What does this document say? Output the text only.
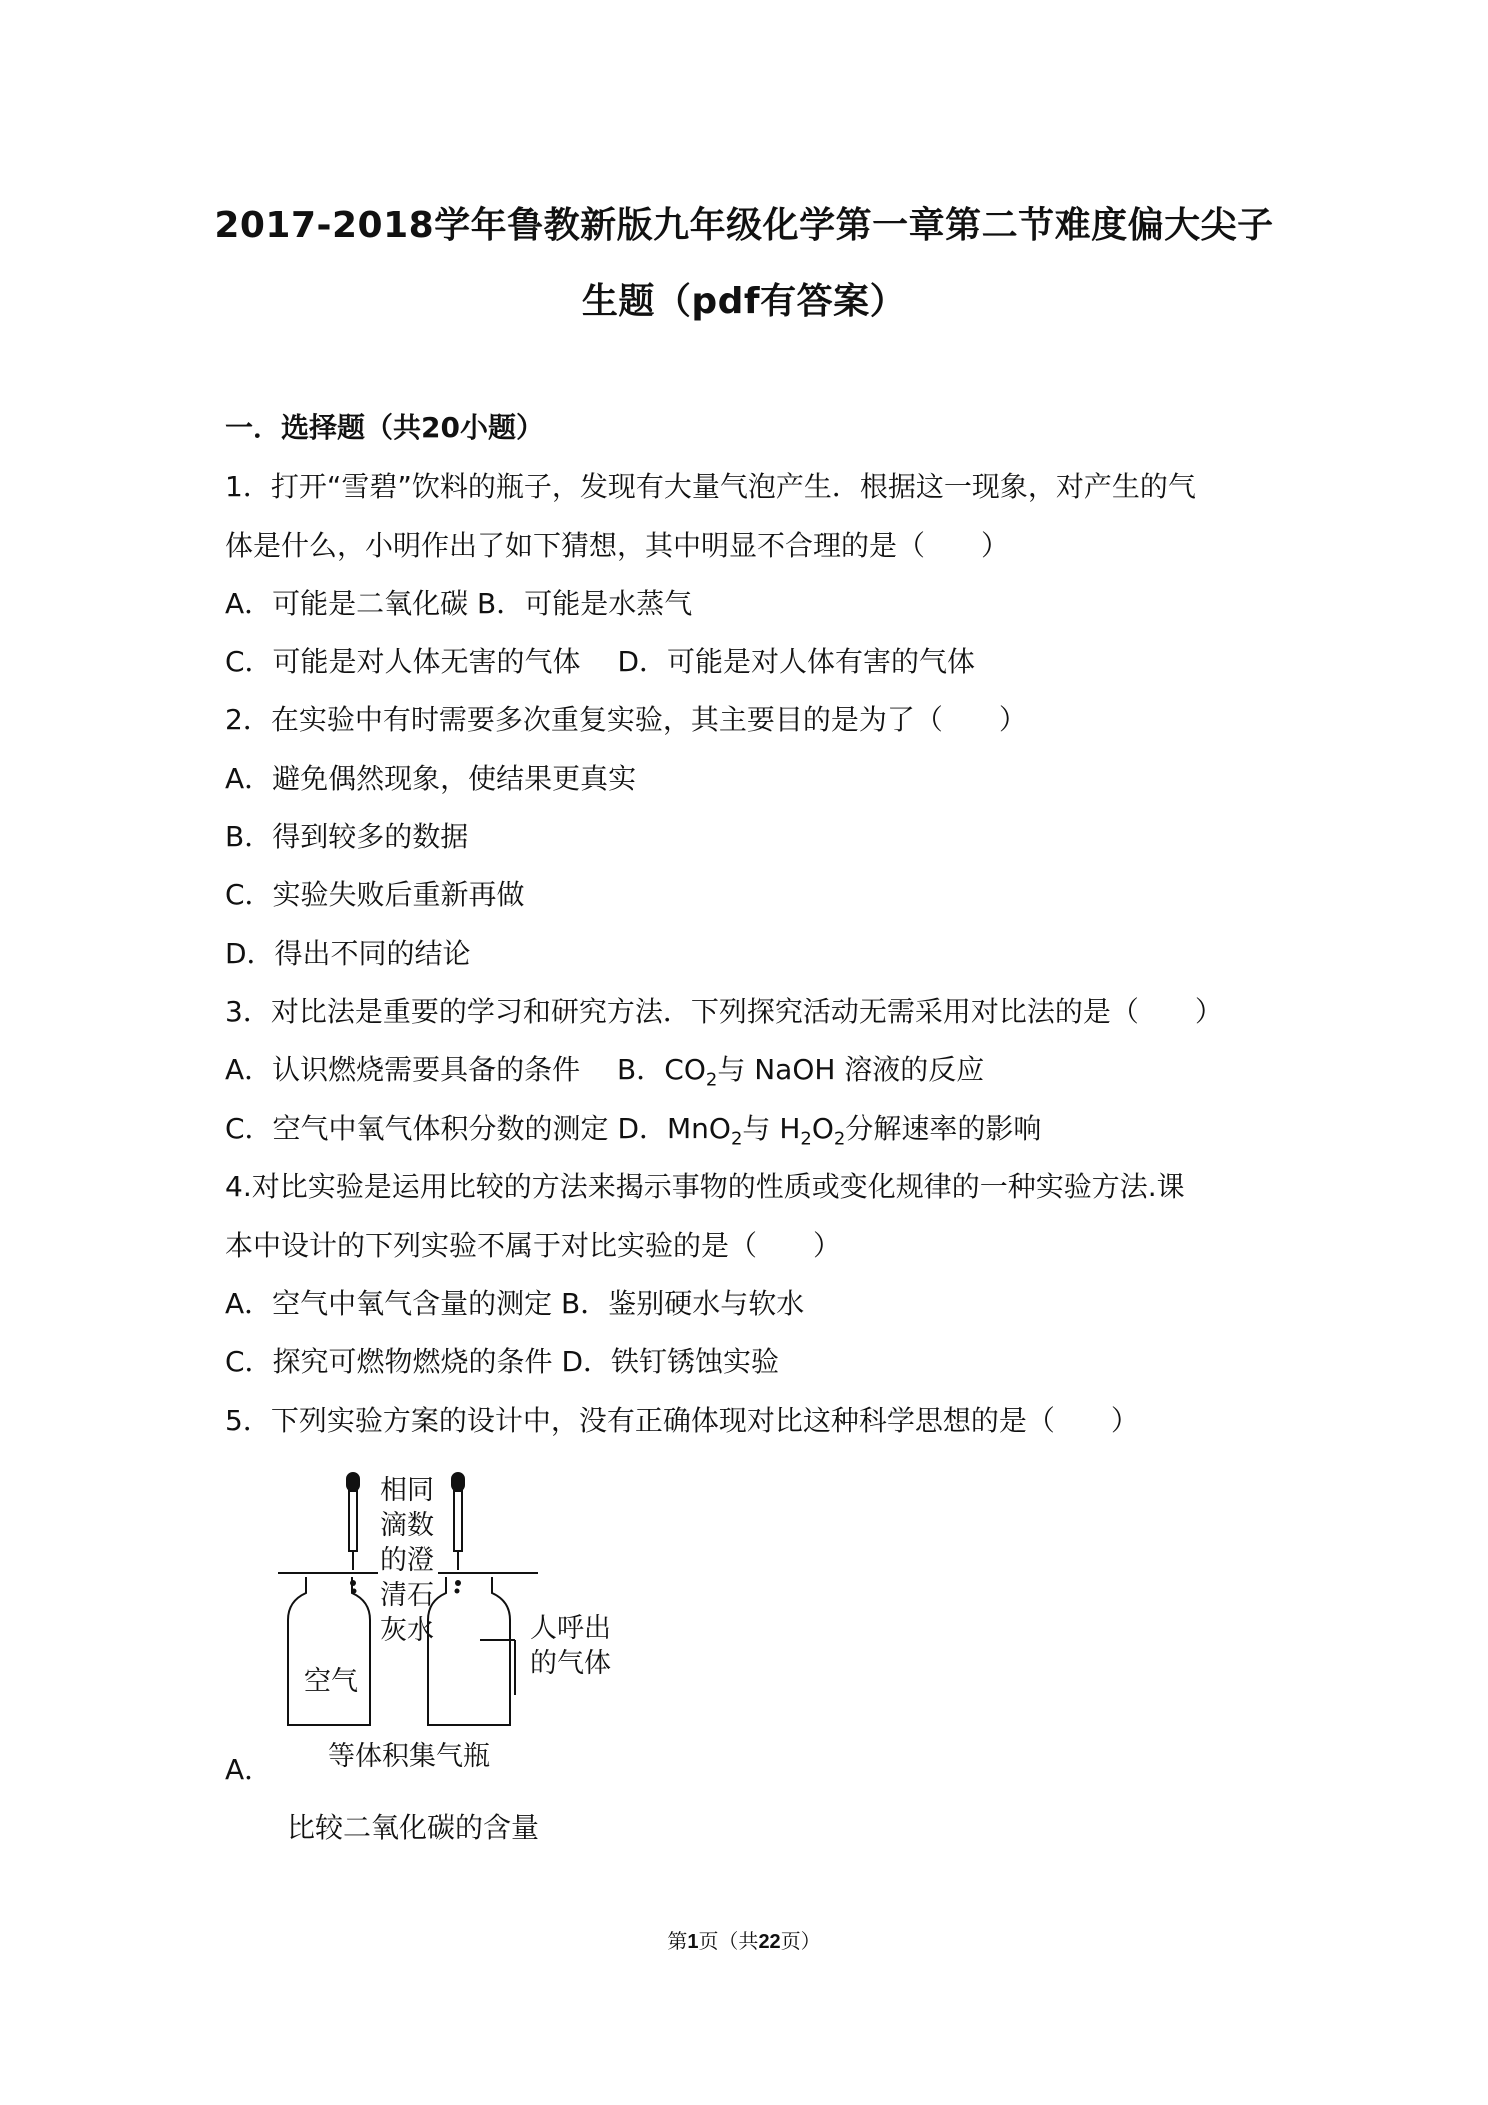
2017-2018学年鲁教新版九年级化学第一章第二节难度偏大尖子
生题（pdf有答案）
一．选择题（共20小题）
1．打开“雪碧”饮料的瓶子，发现有大量气泡产生．根据这一现象，对产生的气
体是什么，小明作出了如下猜想，其中明显不合理的是（　　）
A．可能是二氧化碳 B．可能是水蒸气
C．可能是对人体无害的气体　 D．可能是对人体有害的气体
2．在实验中有时需要多次重复实验，其主要目的是为了（　　）
A．避免偶然现象，使结果更真实
B．得到较多的数据
C．实验失败后重新再做
D．得出不同的结论
3．对比法是重要的学习和研究方法．下列探究活动无需采用对比法的是（　　）
A．认识燃烧需要具备的条件　 B．$CO_2$与 NaOH 溶液的反应
C．空气中氧气体积分数的测定 D．MnO$_2$与 $H_2O_2$分解速率的影响
4.对比实验是运用比较的方法来揭示事物的性质或变化规律的一种实验方法.课
本中设计的下列实验不属于对比实验的是（　　）
A．空气中氧气含量的测定 B．鉴别硬水与软水
C．探究可燃物燃烧的条件 D．铁钉锈蚀实验
5．下列实验方案的设计中，没有正确体现对比这种科学思想的是（　　）
相同
滴数
的澄
清石
灰水
空气
人呼出
的气体
等体积集气瓶
A．
比较二氧化碳的含量
第1页（共22页）
